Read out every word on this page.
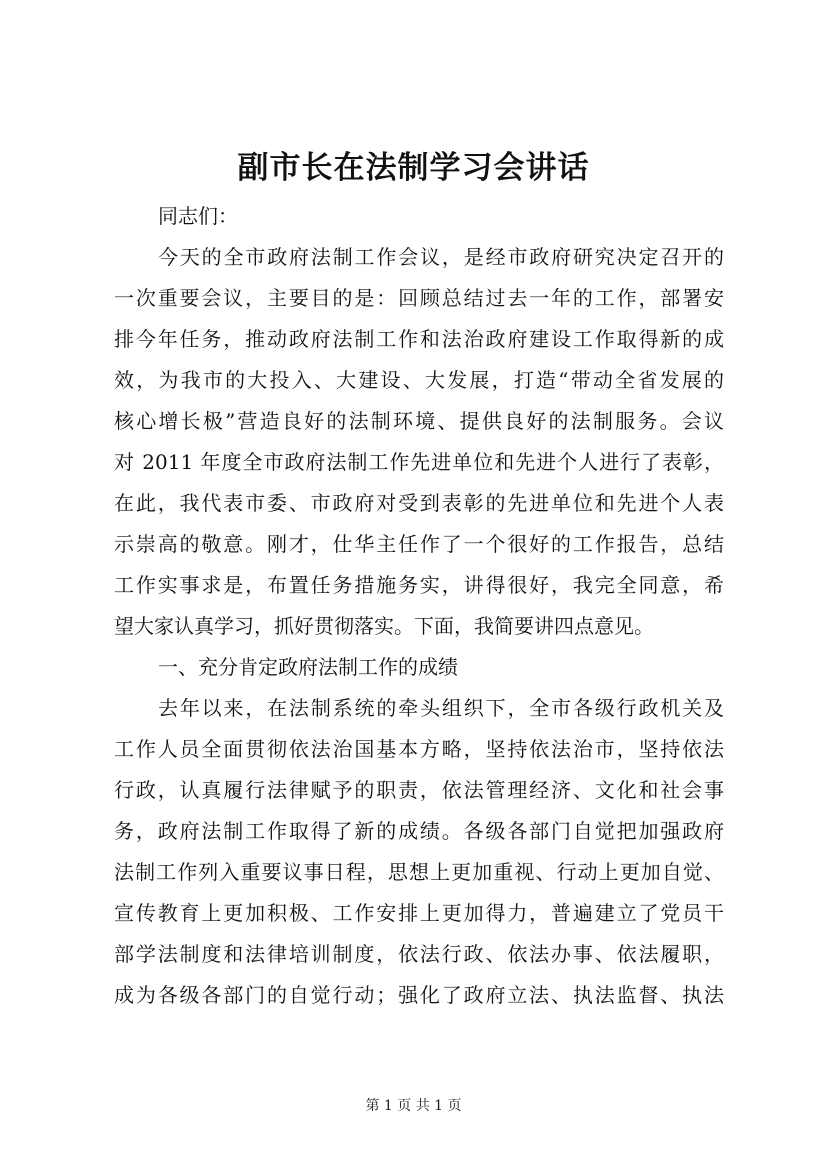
副市长在法制学习会讲话
同志们：
今天的全市政府法制工作会议，是经市政府研究决定召开的
一次重要会议，主要目的是：回顾总结过去一年的工作，部署安
排今年任务，推动政府法制工作和法治政府建设工作取得新的成
效，为我市的大投入、大建设、大发展，打造“带动全省发展的
核心增长极”营造良好的法制环境、提供良好的法制服务。会议
对 2011 年度全市政府法制工作先进单位和先进个人进行了表彰，
在此，我代表市委、市政府对受到表彰的先进单位和先进个人表
示崇高的敬意。刚才，仕华主任作了一个很好的工作报告，总结
工作实事求是，布置任务措施务实，讲得很好，我完全同意，希
望大家认真学习，抓好贯彻落实。下面，我简要讲四点意见。
一、充分肯定政府法制工作的成绩
去年以来，在法制系统的牵头组织下，全市各级行政机关及
工作人员全面贯彻依法治国基本方略，坚持依法治市，坚持依法
行政，认真履行法律赋予的职责，依法管理经济、文化和社会事
务，政府法制工作取得了新的成绩。各级各部门自觉把加强政府
法制工作列入重要议事日程，思想上更加重视、行动上更加自觉、
宣传教育上更加积极、工作安排上更加得力，普遍建立了党员干
部学法制度和法律培训制度，依法行政、依法办事、依法履职，
成为各级各部门的自觉行动；强化了政府立法、执法监督、执法
第 1 页 共 1 页
